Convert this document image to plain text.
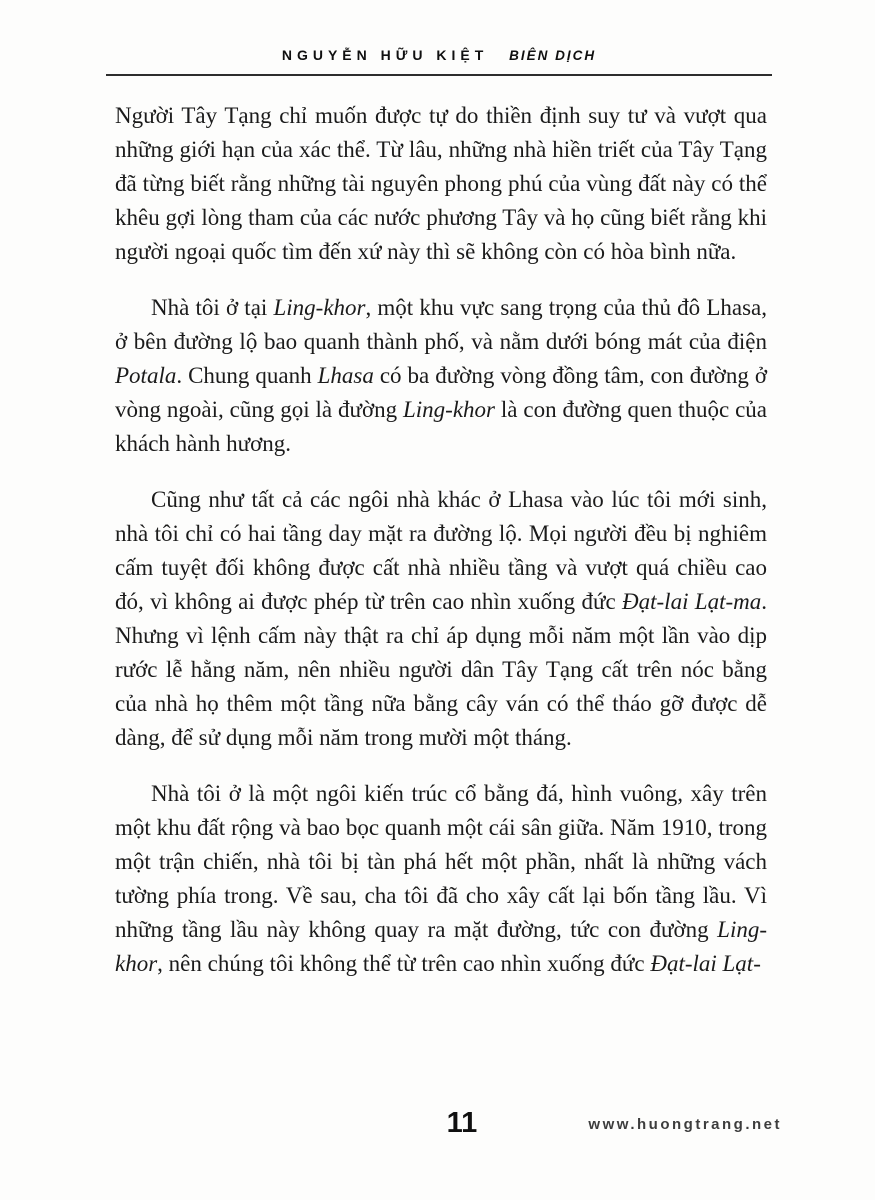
NGUYỄN HỮU KIỆT BIÊN DỊCH

Người Tây Tạng chỉ muốn được tự do thiền định suy tư và vượt qua những giới hạn của xác thể. Từ lâu, những nhà hiền triết của Tây Tạng đã từng biết rằng những tài nguyên phong phú của vùng đất này có thể khêu gợi lòng tham của các nước phương Tây và họ cũng biết rằng khi người ngoại quốc tìm đến xứ này thì sẽ không còn có hòa bình nữa.

Nhà tôi ở tại Ling-khor, một khu vực sang trọng của thủ đô Lhasa, ở bên đường lộ bao quanh thành phố, và nằm dưới bóng mát của điện Potala. Chung quanh Lhasa có ba đường vòng đồng tâm, con đường ở vòng ngoài, cũng gọi là đường Ling-khor là con đường quen thuộc của khách hành hương.

Cũng như tất cả các ngôi nhà khác ở Lhasa vào lúc tôi mới sinh, nhà tôi chỉ có hai tầng day mặt ra đường lộ. Mọi người đều bị nghiêm cấm tuyệt đối không được cất nhà nhiều tầng và vượt quá chiều cao đó, vì không ai được phép từ trên cao nhìn xuống đức Đạt-lai Lạt-ma. Nhưng vì lệnh cấm này thật ra chỉ áp dụng mỗi năm một lần vào dịp rước lễ hằng năm, nên nhiều người dân Tây Tạng cất trên nóc bằng của nhà họ thêm một tầng nữa bằng cây ván có thể tháo gỡ được dễ dàng, để sử dụng mỗi năm trong mười một tháng.

Nhà tôi ở là một ngôi kiến trúc cổ bằng đá, hình vuông, xây trên một khu đất rộng và bao bọc quanh một cái sân giữa. Năm 1910, trong một trận chiến, nhà tôi bị tàn phá hết một phần, nhất là những vách tường phía trong. Về sau, cha tôi đã cho xây cất lại bốn tầng lầu. Vì những tầng lầu này không quay ra mặt đường, tức con đường Ling-khor, nên chúng tôi không thể từ trên cao nhìn xuống đức Đạt-lai Lạt-

11	www.huongtrang.net
